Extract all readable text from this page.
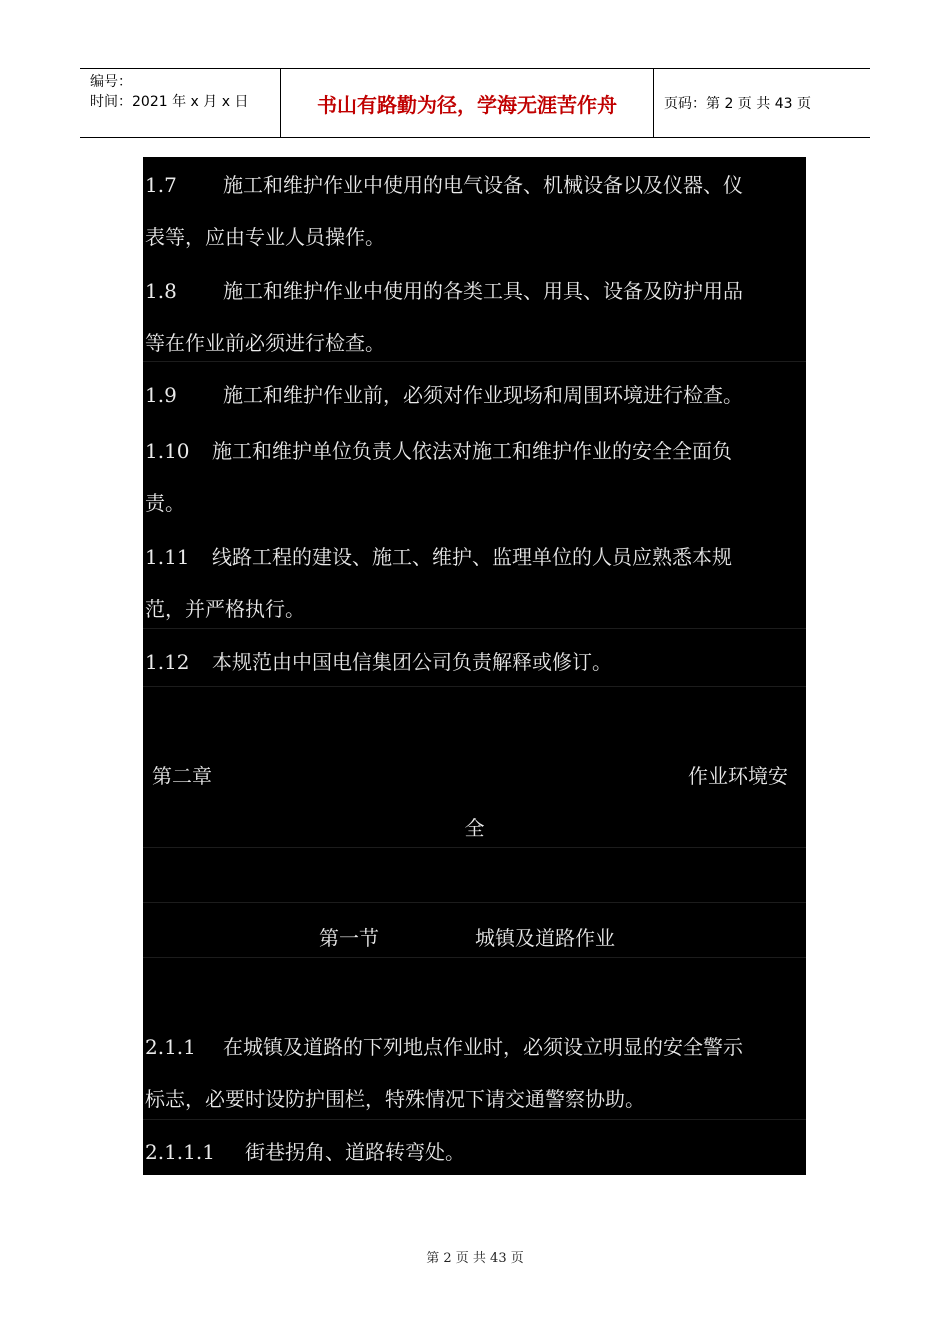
编号：
时间：2021 年 x 月 x 日	书山有路勤为径，学海无涯苦作舟	页码：第 2 页 共 43 页
1.7 施工和维护作业中使用的电气设备、机械设备以及仪器、仪
表等，应由专业人员操作。
1.8 施工和维护作业中使用的各类工具、用具、设备及防护用品
等在作业前必须进行检查。
1.9 施工和维护作业前，必须对作业现场和周围环境进行检查。
1.10 施工和维护单位负责人依法对施工和维护作业的安全全面负
责。
1.11 线路工程的建设、施工、维护、监理单位的人员应熟悉本规
范，并严格执行。
1.12 本规范由中国电信集团公司负责解释或修订。
第二章	作业环境安
全
第一节	城镇及道路作业
2.1.1 在城镇及道路的下列地点作业时，必须设立明显的安全警示
标志，必要时设防护围栏，特殊情况下请交通警察协助。
2.1.1.1 街巷拐角、道路转弯处。
第 2 页 共 43 页
